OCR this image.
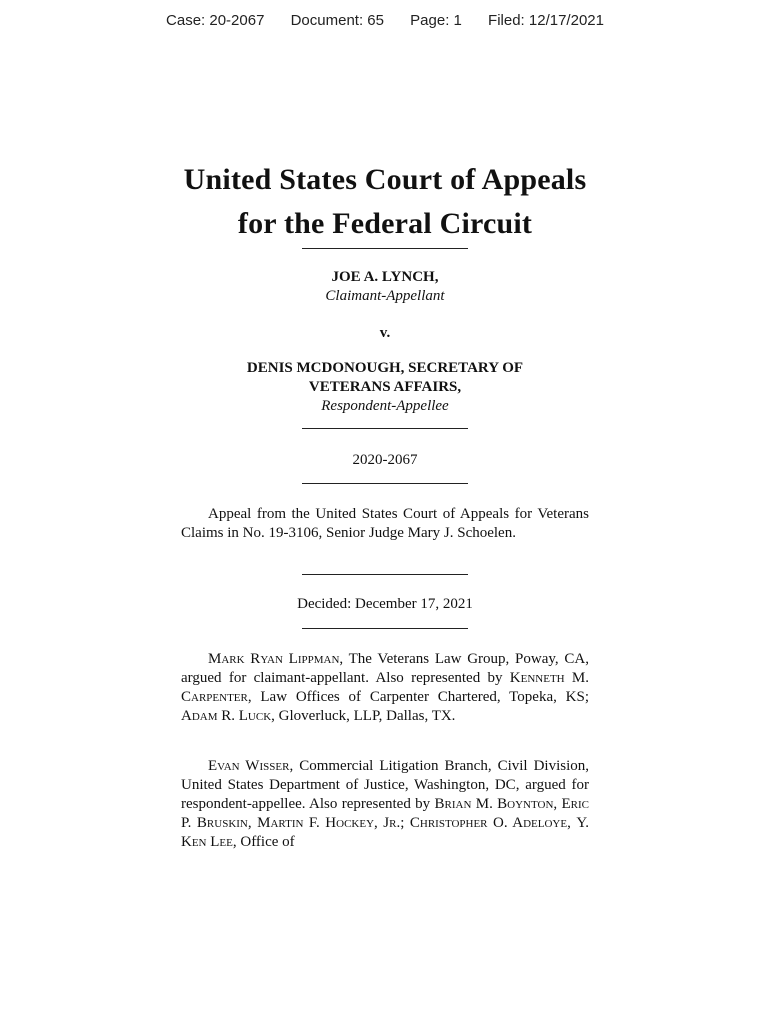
Case: 20-2067 Document: 65 Page: 1 Filed: 12/17/2021
United States Court of Appeals
for the Federal Circuit
JOE A. LYNCH,
Claimant-Appellant
v.
DENIS MCDONOUGH, SECRETARY OF
VETERANS AFFAIRS,
Respondent-Appellee
2020-2067

Appeal from the United States Court of Appeals for Veterans Claims in No. 19-3106, Senior Judge Mary J. Schoelen.

Decided: December 17, 2021

Mark Ryan Lippman, The Veterans Law Group, Poway, CA, argued for claimant-appellant. Also represented by Kenneth M. Carpenter, Law Offices of Carpenter Chartered, Topeka, KS; Adam R. Luck, Gloverluck, LLP, Dallas, TX.

Evan Wisser, Commercial Litigation Branch, Civil Division, United States Department of Justice, Washington, DC, argued for respondent-appellee. Also represented by Brian M. Boynton, Eric P. Bruskin, Martin F. Hockey, Jr.; Christopher O. Adeloye, Y. Ken Lee, Office of
